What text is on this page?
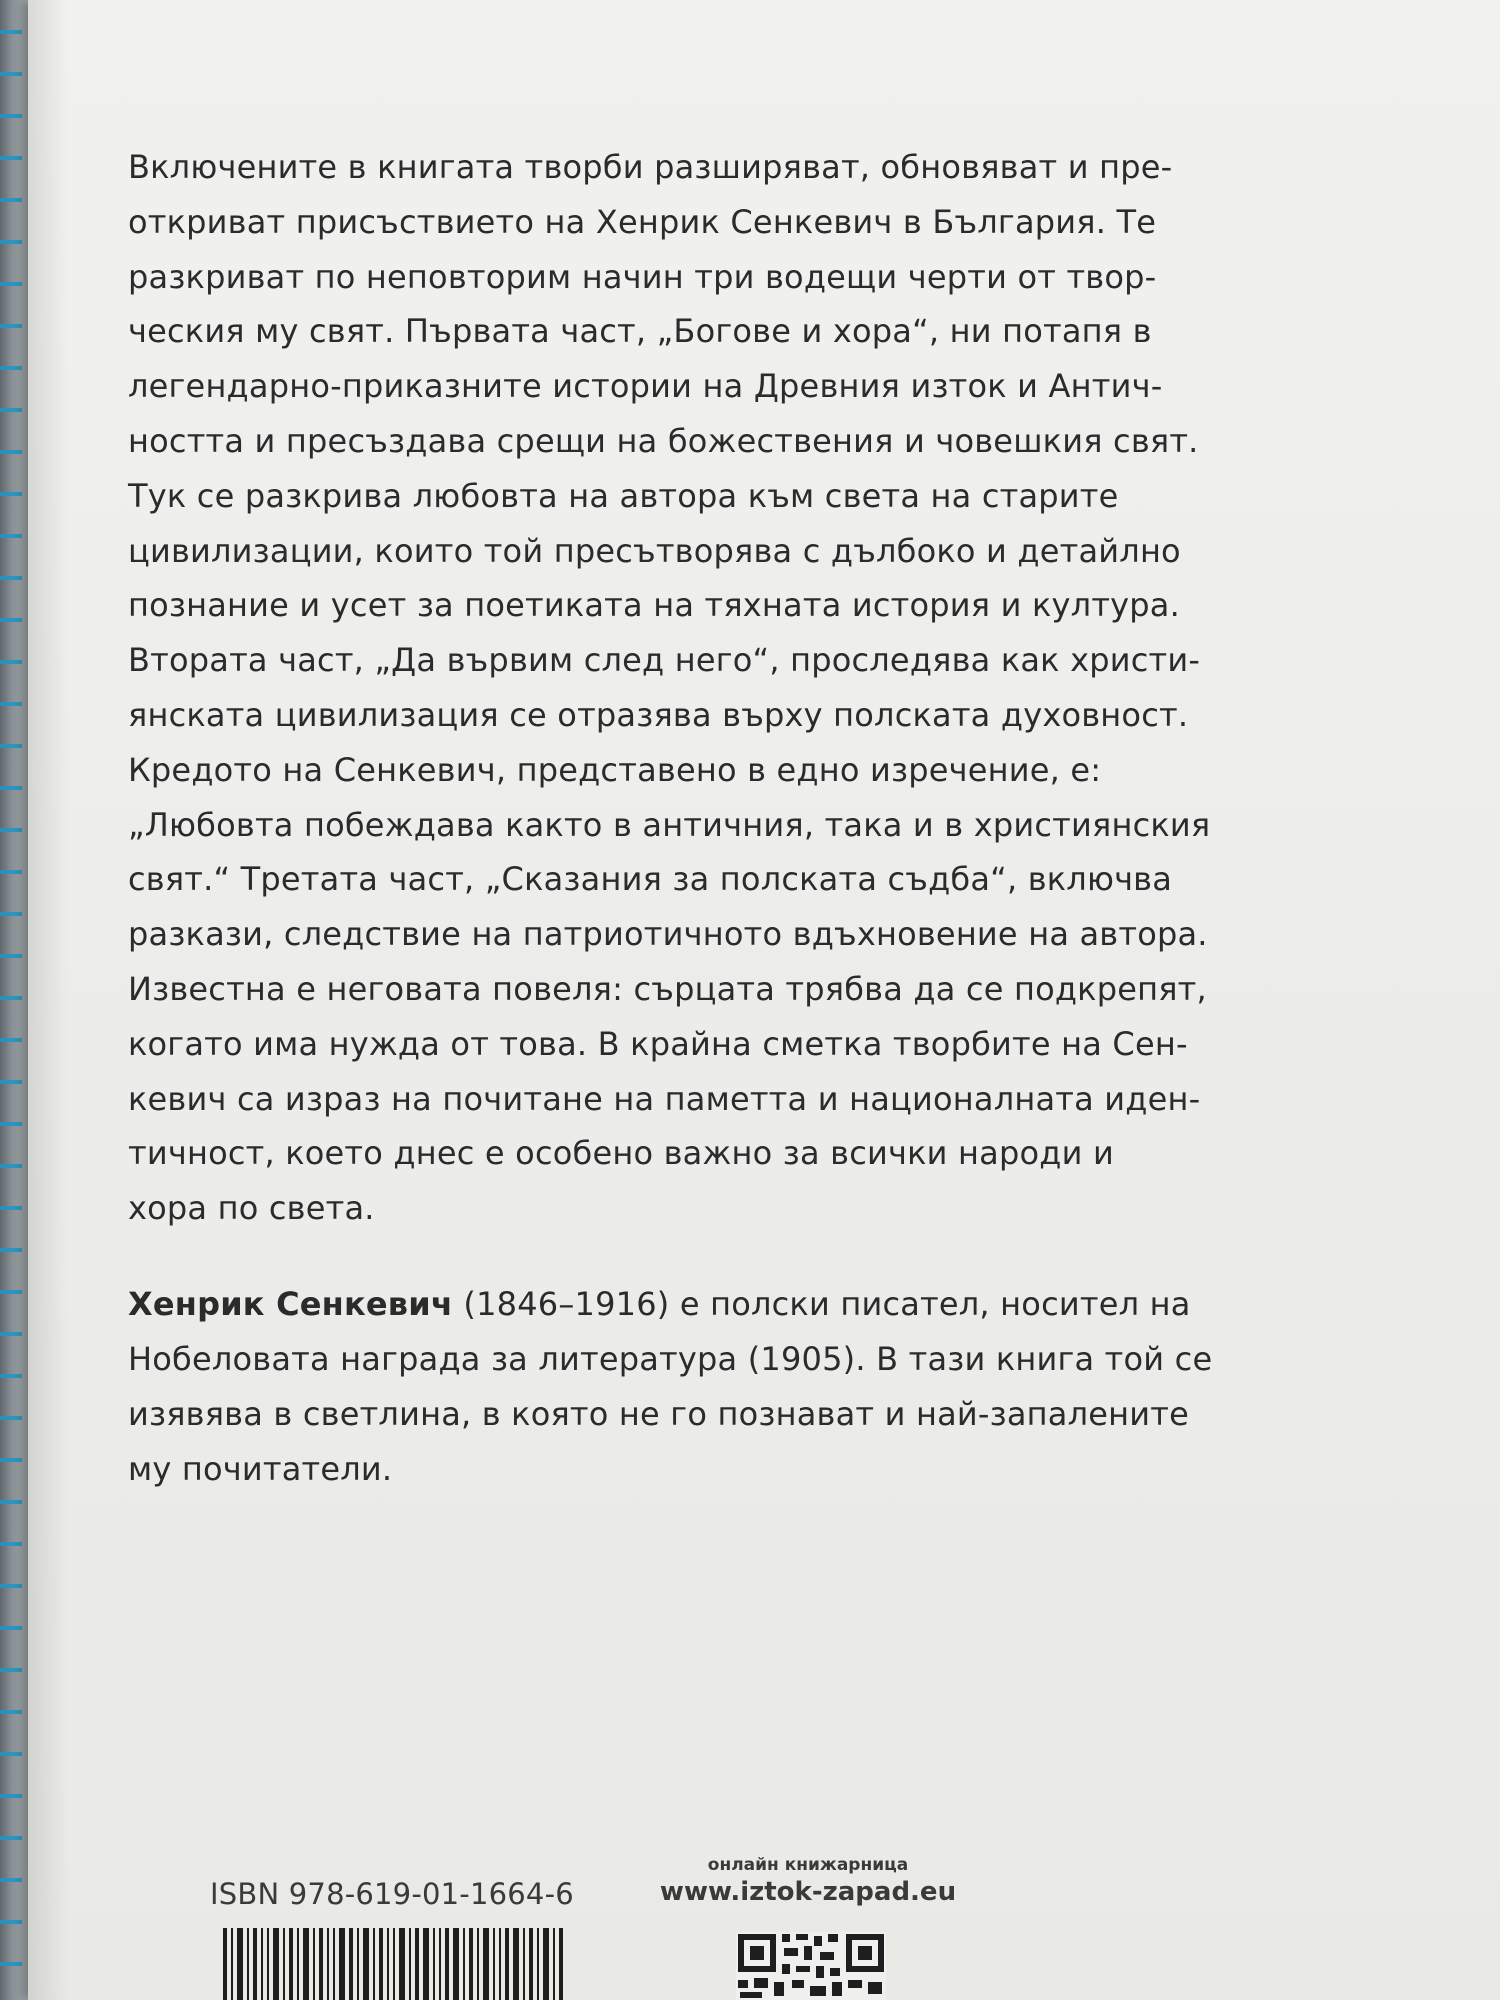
Включените в книгата творби разширяват, обновяват и пре-
откриват присъствието на Хенрик Сенкевич в България. Те
разкриват по неповторим начин три водещи черти от твор-
ческия му свят. Първата част, „Богове и хора“, ни потапя в
легендарно-приказните истории на Древния изток и Антич-
ността и пресъздава срещи на божествения и човешкия свят.
Тук се разкрива любовта на автора към света на старите
цивилизации, които той пресътворява с дълбоко и детайлно
познание и усет за поетиката на тяхната история и култура.
Втората част, „Да вървим след него“, проследява как христи-
янската цивилизация се отразява върху полската духовност.
Кредото на Сенкевич, представено в едно изречение, е:
„Любовта побеждава както в античния, така и в християнския
свят.“ Третата част, „Сказания за полската съдба“, включва
разкази, следствие на патриотичното вдъхновение на автора.
Известна е неговата повеля: сърцата трябва да се подкрепят,
когато има нужда от това. В крайна сметка творбите на Сен-
кевич са израз на почитане на паметта и националната иден-
тичност, което днес е особено важно за всички народи и
хора по света.

Хенрик Сенкевич (1846–1916) е полски писател, носител на
Нобеловата награда за литература (1905). В тази книга той се
изявява в светлина, в която не го познават и най-запалените
му почитатели.

ISBN 978-619-01-1664-6
онлайн книжарница
www.iztok-zapad.eu
